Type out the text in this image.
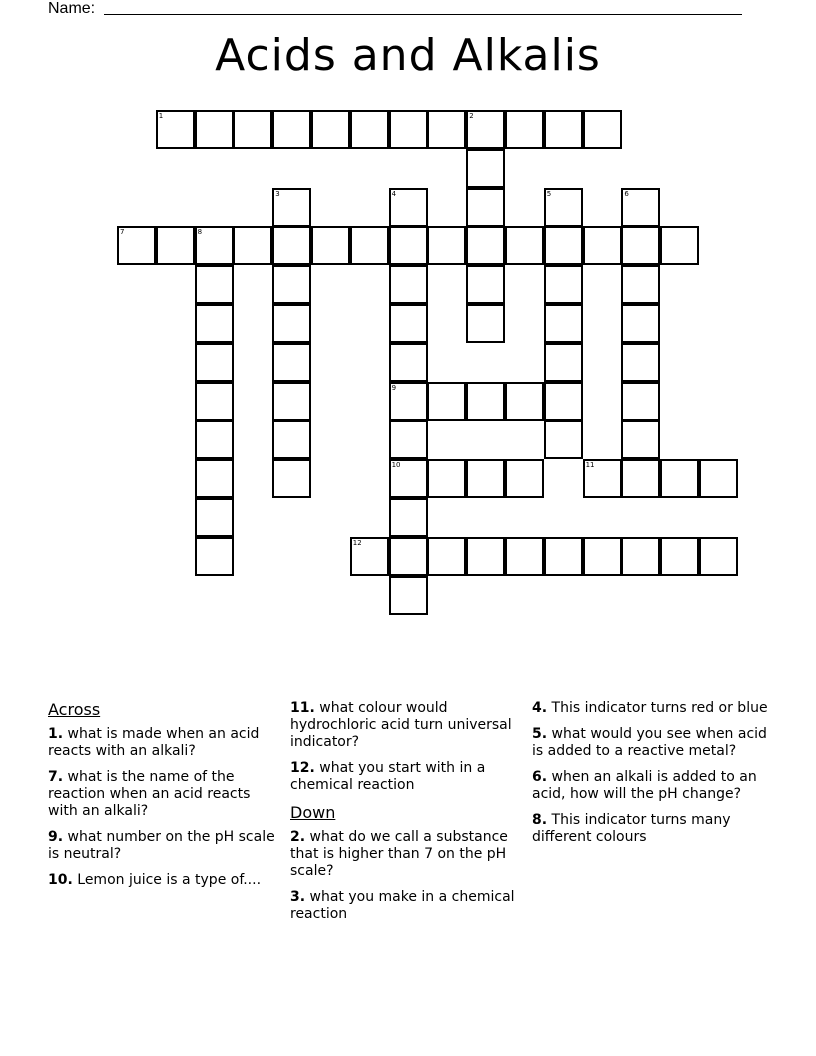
Name:
Acids and Alkalis
1	2
7	8
3	4
9
10
5	6
11
12
Across
1. what is made when an acid reacts with an alkali?
7. what is the name of the reaction when an acid reacts with an alkali?
9. what number on the pH scale is neutral?
10. Lemon juice is a type of....
11. what colour would hydrochloric acid turn universal indicator?
12. what you start with in a chemical reaction
Down
2. what do we call a substance that is higher than 7 on the pH scale?
3. what you make in a chemical reaction
4. This indicator turns red or blue
5. what would you see when acid is added to a reactive metal?
6. when an alkali is added to an acid, how will the pH change?
8. This indicator turns many different colours
